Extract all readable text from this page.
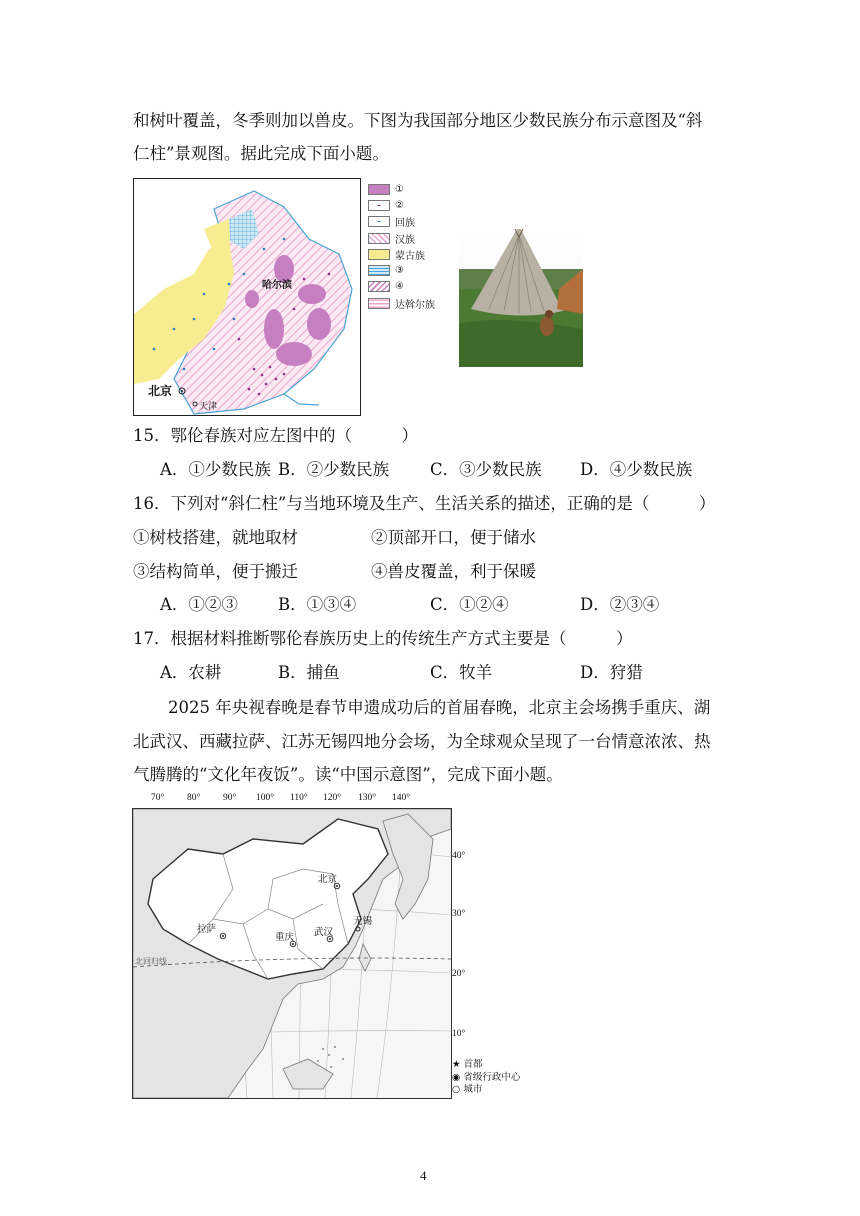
和树叶覆盖，冬季则加以兽皮。下图为我国部分地区少数民族分布示意图及“斜
仁柱”景观图。据此完成下面小题。
哈尔滨
北京
天津
①
②
回族
汉族
蒙古族
③
④
达斡尔族
15．鄂伦春族对应左图中的（　　　）
A．①少数民族 B．②少数民族 C．③少数民族 D．④少数民族
16．下列对“斜仁柱”与当地环境及生产、生活关系的描述，正确的是（　　　）
①树枝搭建，就地取材	②顶部开口，便于储水
③结构简单，便于搬迁	④兽皮覆盖，利于保暖
A．①②③ B．①③④	C．①②④	D．②③④
17．根据材料推断鄂伦春族历史上的传统生产方式主要是（　　　）
A．农耕	B．捕鱼	C．牧羊	D．狩猎
2025 年央视春晚是春节申遗成功后的首届春晚，北京主会场携手重庆、湖
北武汉、西藏拉萨、江苏无锡四地分会场，为全球观众呈现了一台情意浓浓、热
气腾腾的“文化年夜饭”。读“中国示意图”，完成下面小题。
70° 80° 90° 100° 110° 120° 130° 140°
北京
拉萨
重庆 武汉
无锡
北回归线
40°
30°
20°
10°
★ 首都
◉ 省级行政中心
○ 城市
4
